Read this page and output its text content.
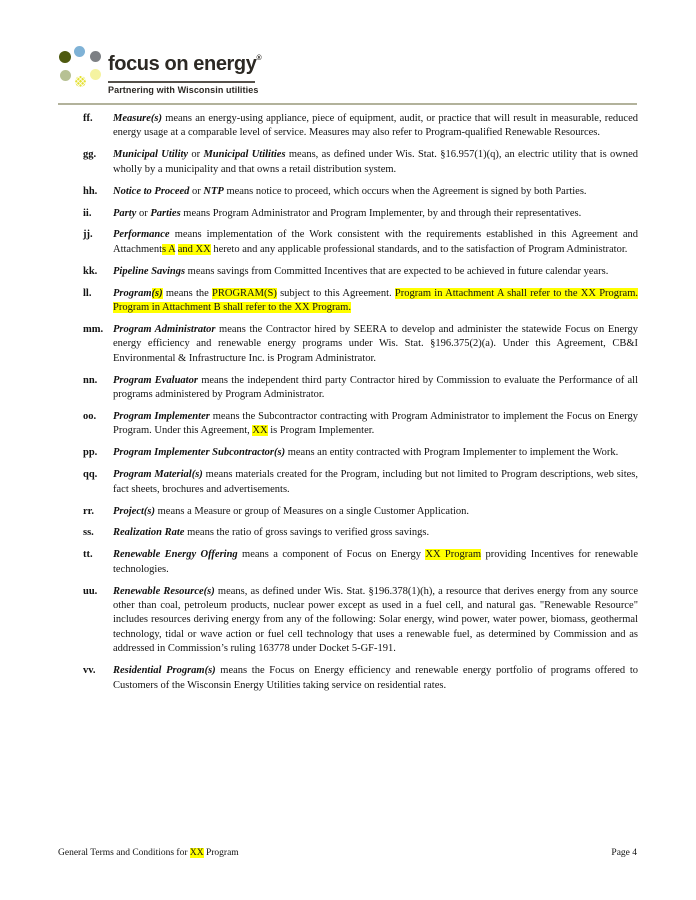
focus on energy®
Partnering with Wisconsin utilities
ff. Measure(s) means an energy-using appliance, piece of equipment, audit, or practice that will result in measurable, reduced energy usage at a comparable level of service. Measures may also refer to Program-qualified Renewable Resources.
gg. Municipal Utility or Municipal Utilities means, as defined under Wis. Stat. §16.957(1)(q), an electric utility that is owned wholly by a municipality and that owns a retail distribution system.
hh. Notice to Proceed or NTP means notice to proceed, which occurs when the Agreement is signed by both Parties.
ii. Party or Parties means Program Administrator and Program Implementer, by and through their representatives.
jj. Performance means implementation of the Work consistent with the requirements established in this Agreement and Attachments A and XX hereto and any applicable professional standards, and to the satisfaction of Program Administrator.
kk. Pipeline Savings means savings from Committed Incentives that are expected to be achieved in future calendar years.
ll. Program(s) means the PROGRAM(S) subject to this Agreement. Program in Attachment A shall refer to the XX Program. Program in Attachment B shall refer to the XX Program.
mm. Program Administrator means the Contractor hired by SEERA to develop and administer the statewide Focus on Energy energy efficiency and renewable energy programs under Wis. Stat. §196.375(2)(a). Under this Agreement, CB&I Environmental & Infrastructure Inc. is Program Administrator.
nn. Program Evaluator means the independent third party Contractor hired by Commission to evaluate the Performance of all programs administered by Program Administrator.
oo. Program Implementer means the Subcontractor contracting with Program Administrator to implement the Focus on Energy Program. Under this Agreement, XX is Program Implementer.
pp. Program Implementer Subcontractor(s) means an entity contracted with Program Implementer to implement the Work.
qq. Program Material(s) means materials created for the Program, including but not limited to Program descriptions, web sites, fact sheets, brochures and advertisements.
rr. Project(s) means a Measure or group of Measures on a single Customer Application.
ss. Realization Rate means the ratio of gross savings to verified gross savings.
tt. Renewable Energy Offering means a component of Focus on Energy XX Program providing Incentives for renewable technologies.
uu. Renewable Resource(s) means, as defined under Wis. Stat. §196.378(1)(h), a resource that derives energy from any source other than coal, petroleum products, nuclear power except as used in a fuel cell, and natural gas. "Renewable Resource" includes resources deriving energy from any of the following: Solar energy, wind power, water power, biomass, geothermal technology, tidal or wave action or fuel cell technology that uses a renewable fuel, as determined by Commission and as addressed in Commission’s ruling 163778 under Docket 5-GF-191.
vv. Residential Program(s) means the Focus on Energy efficiency and renewable energy portfolio of programs offered to Customers of the Wisconsin Energy Utilities taking service on residential rates.
General Terms and Conditions for XX Program	Page 4
